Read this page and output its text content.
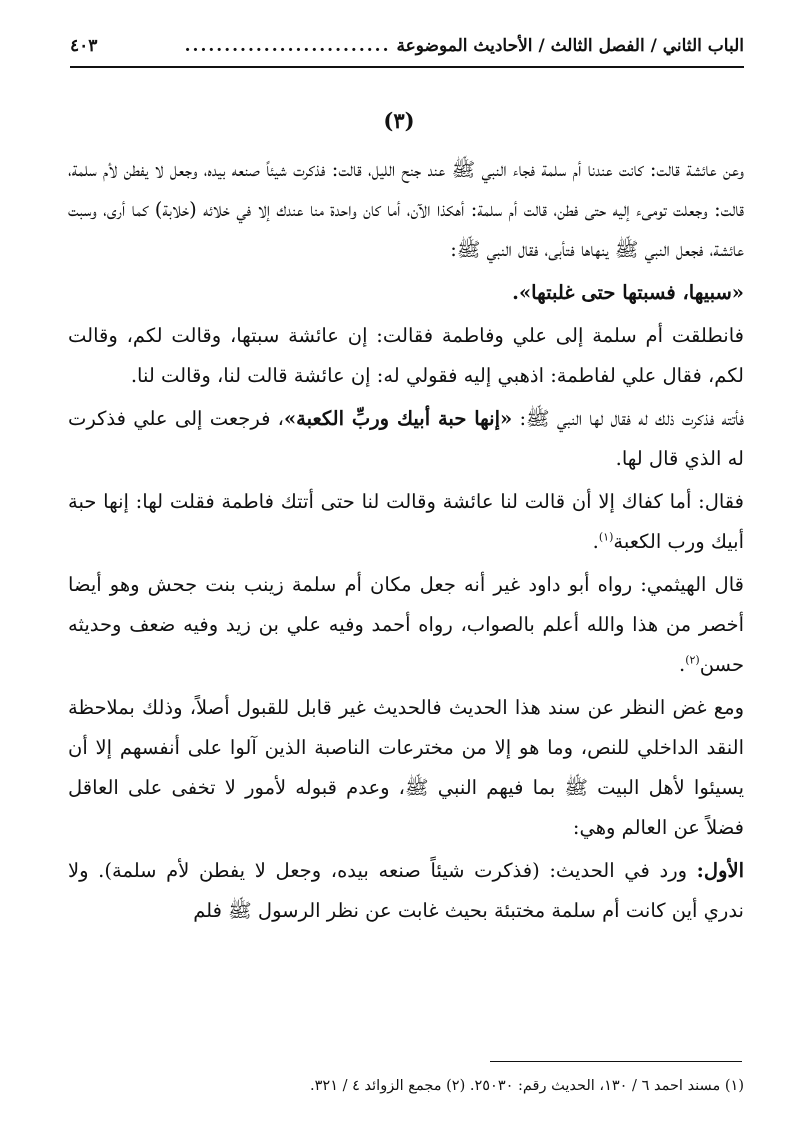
الباب الثاني / الفصل الثالث / الأحاديث الموضوعة
..........................
٤٠٣
(٣)

وعن عائشة قالت: كانت عندنا أم سلمة فجاء النبي ﷺ عند جنح الليل، قالت: فذكرت شيئاً صنعه بيده، وجعل لا يفطن لأم سلمة، قالت: وجعلت تومىء إليه حتى فطن، قالت أم سلمة: أهكذا الآن، أما كان واحدة منا عندك إلا في خلائه (خلابة) كما أرى، وسبت عائشة، فجعل النبي ﷺ ينهاها فتأبى، فقال النبي ﷺ:

«سبيها، فسبتها حتى غلبتها».

فانطلقت أم سلمة إلى علي وفاطمة فقالت: إن عائشة سبتها، وقالت لكم، وقالت لكم، فقال علي لفاطمة: اذهبي إليه فقولي له: إن عائشة قالت لنا، وقالت لنا.

فأتته فذكرت ذلك له فقال لها النبي ﷺ: «إنها حبة أبيك وربِّ الكعبة»، فرجعت إلى علي فذكرت له الذي قال لها.

فقال: أما كفاك إلا أن قالت لنا عائشة وقالت لنا حتى أتتك فاطمة فقلت لها: إنها حبة أبيك ورب الكعبة$^{(١)}$.

قال الهيثمي: رواه أبو داود غير أنه جعل مكان أم سلمة زينب بنت جحش وهو أيضا أخصر من هذا والله أعلم بالصواب، رواه أحمد وفيه علي بن زيد وفيه ضعف وحديثه حسن$^{(٢)}$.

ومع غض النظر عن سند هذا الحديث فالحديث غير قابل للقبول أصلاً، وذلك بملاحظة النقد الداخلي للنص، وما هو إلا من مخترعات الناصبة الذين آلوا على أنفسهم إلا أن يسيئوا لأهل البيت ﷺ بما فيهم النبي ﷺ، وعدم قبوله لأمور لا تخفى على العاقل فضلاً عن العالم وهي:

الأول: ورد في الحديث: (فذكرت شيئاً صنعه بيده، وجعل لا يفطن لأم سلمة). ولا ندري أين كانت أم سلمة مختبئة بحيث غابت عن نظر الرسول ﷺ فلم

(١) مسند احمد ٦ / ١٣٠، الحديث رقم: ٢٥٠٣٠. (٢) مجمع الزوائد ٤ / ٣٢١.
